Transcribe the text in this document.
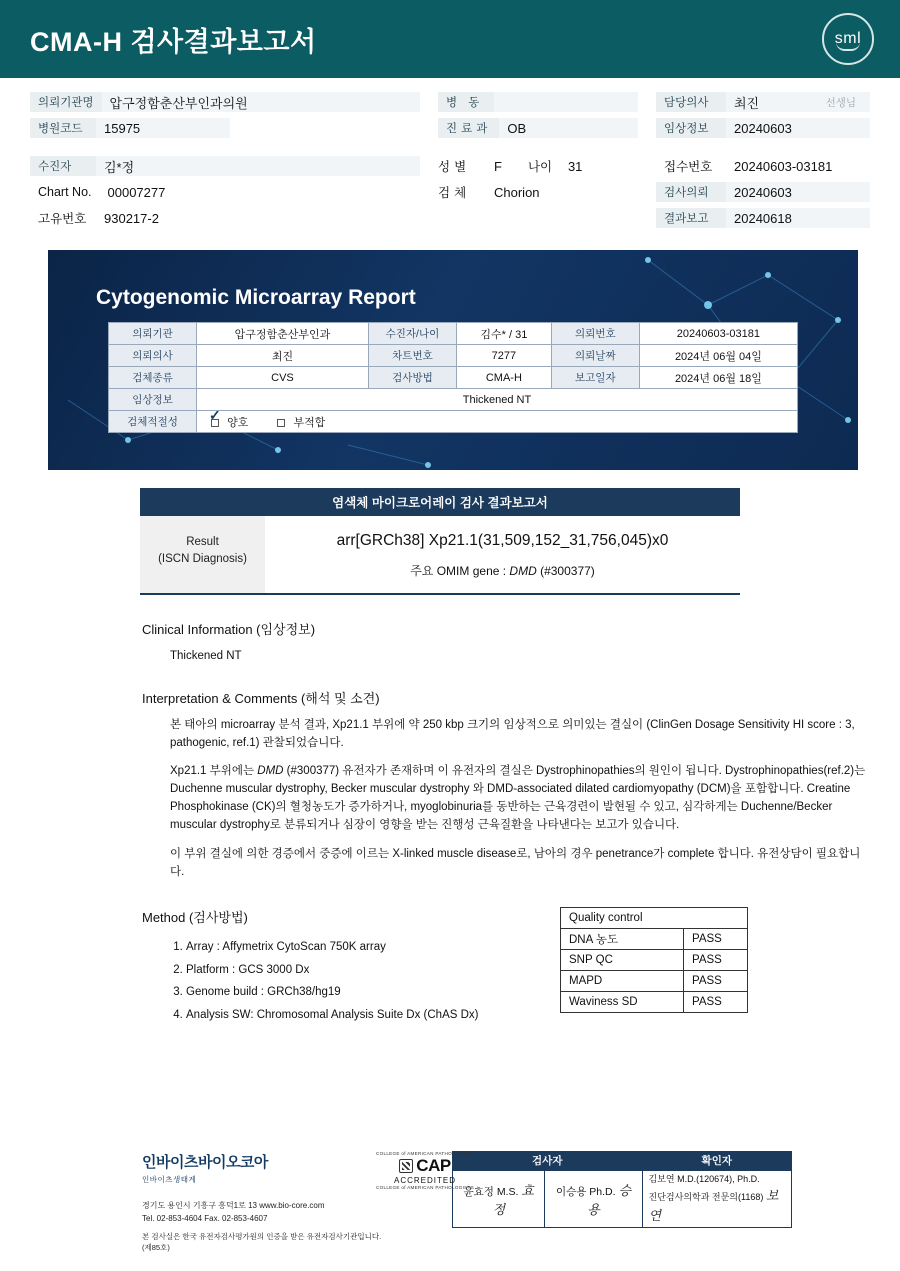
CMA-H 검사결과보고서	sml
의뢰기관명	압구정함춘산부인과의원
병원코드	15975
수진자	김*정
Chart No.	00007277
고유번호	930217-2
병 동
진료과	OB
성별	F 나이	31
검체	Chorion
담당의사	최진	선생님
임상정보	20240603
접수번호	20240603-03181
검사의뢰	20240603
결과보고	20240618
Cytogenomic Microarray Report
의뢰기관	압구정함춘산부인과	수진자/나이	김수* / 31	의뢰번호	20240603-03181
의뢰의사	최진	차트번호	7277	의뢰날짜	2024년 06월 04일
검체종류	CVS	검사방법	CMA-H	보고일자	2024년 06월 18일
임상정보	Thickened NT				
검체적절성	✓ 양호 부적합				
염색체 마이크로어레이 검사 결과보고서
Result
(ISCN Diagnosis)
arr[GRCh38] Xp21.1(31,509,152_31,756,045)x0
주요 OMIM gene : DMD (#300377)
Clinical Information (임상정보)

Thickened NT

Interpretation & Comments (해석 및 소견)

본 태아의 microarray 분석 결과, Xp21.1 부위에 약 250 kbp 크기의 임상적으로 의미있는 결실이 (ClinGen Dosage Sensitivity HI score : 3, pathogenic, ref.1) 관찰되었습니다.

Xp21.1 부위에는 DMD (#300377) 유전자가 존재하며 이 유전자의 결실은 Dystrophinopathies의 원인이 됩니다. Dystrophinopathies(ref.2)는 Duchenne muscular dystrophy, Becker muscular dystrophy 와 DMD-associated dilated cardiomyopathy (DCM)을 포함합니다. Creatine Phosphokinase (CK)의 혈청농도가 증가하거나, myoglobinuria를 동반하는 근육경련이 발현될 수 있고, 심각하게는 Duchenne/Becker muscular dystrophy로 분류되거나 심장이 영향을 받는 진행성 근육질환을 나타낸다는 보고가 있습니다.

이 부위 결실에 의한 경증에서 중증에 이르는 X-linked muscle disease로, 남아의 경우 penetrance가 complete 합니다. 유전상담이 필요합니다.

Method (검사방법)
1. Array : Affymetrix CytoScan 750K array
2. Platform : GCS 3000 Dx
3. Genome build : GRCh38/hg19
4. Analysis SW: Chromosomal Analysis Suite Dx (ChAS Dx)
Quality control	
DNA 농도	PASS
SNP QC	PASS
MAPD	PASS
Waviness SD	PASS
인바이츠바이오코아
인바이츠생태계
경기도 용인시 기흥구 흥덕1로 13 www.bio-core.com
Tel. 02-853-4604 Fax. 02-853-4607
본 검사실은 한국 유전자검사평가원의 인증을 받은 유전자검사기관입니다. (제85호)
COLLEGE of AMERICAN PATHOLOGISTS
CAP
ACCREDITED
COLLEGE of AMERICAN PATHOLOGISTS
검사자		확인자
윤효정 M.S. 효정	이승용 Ph.D. 승용	김보연 M.D.(120674), Ph.D.
진단검사의학과 전문의(1168) 보연
